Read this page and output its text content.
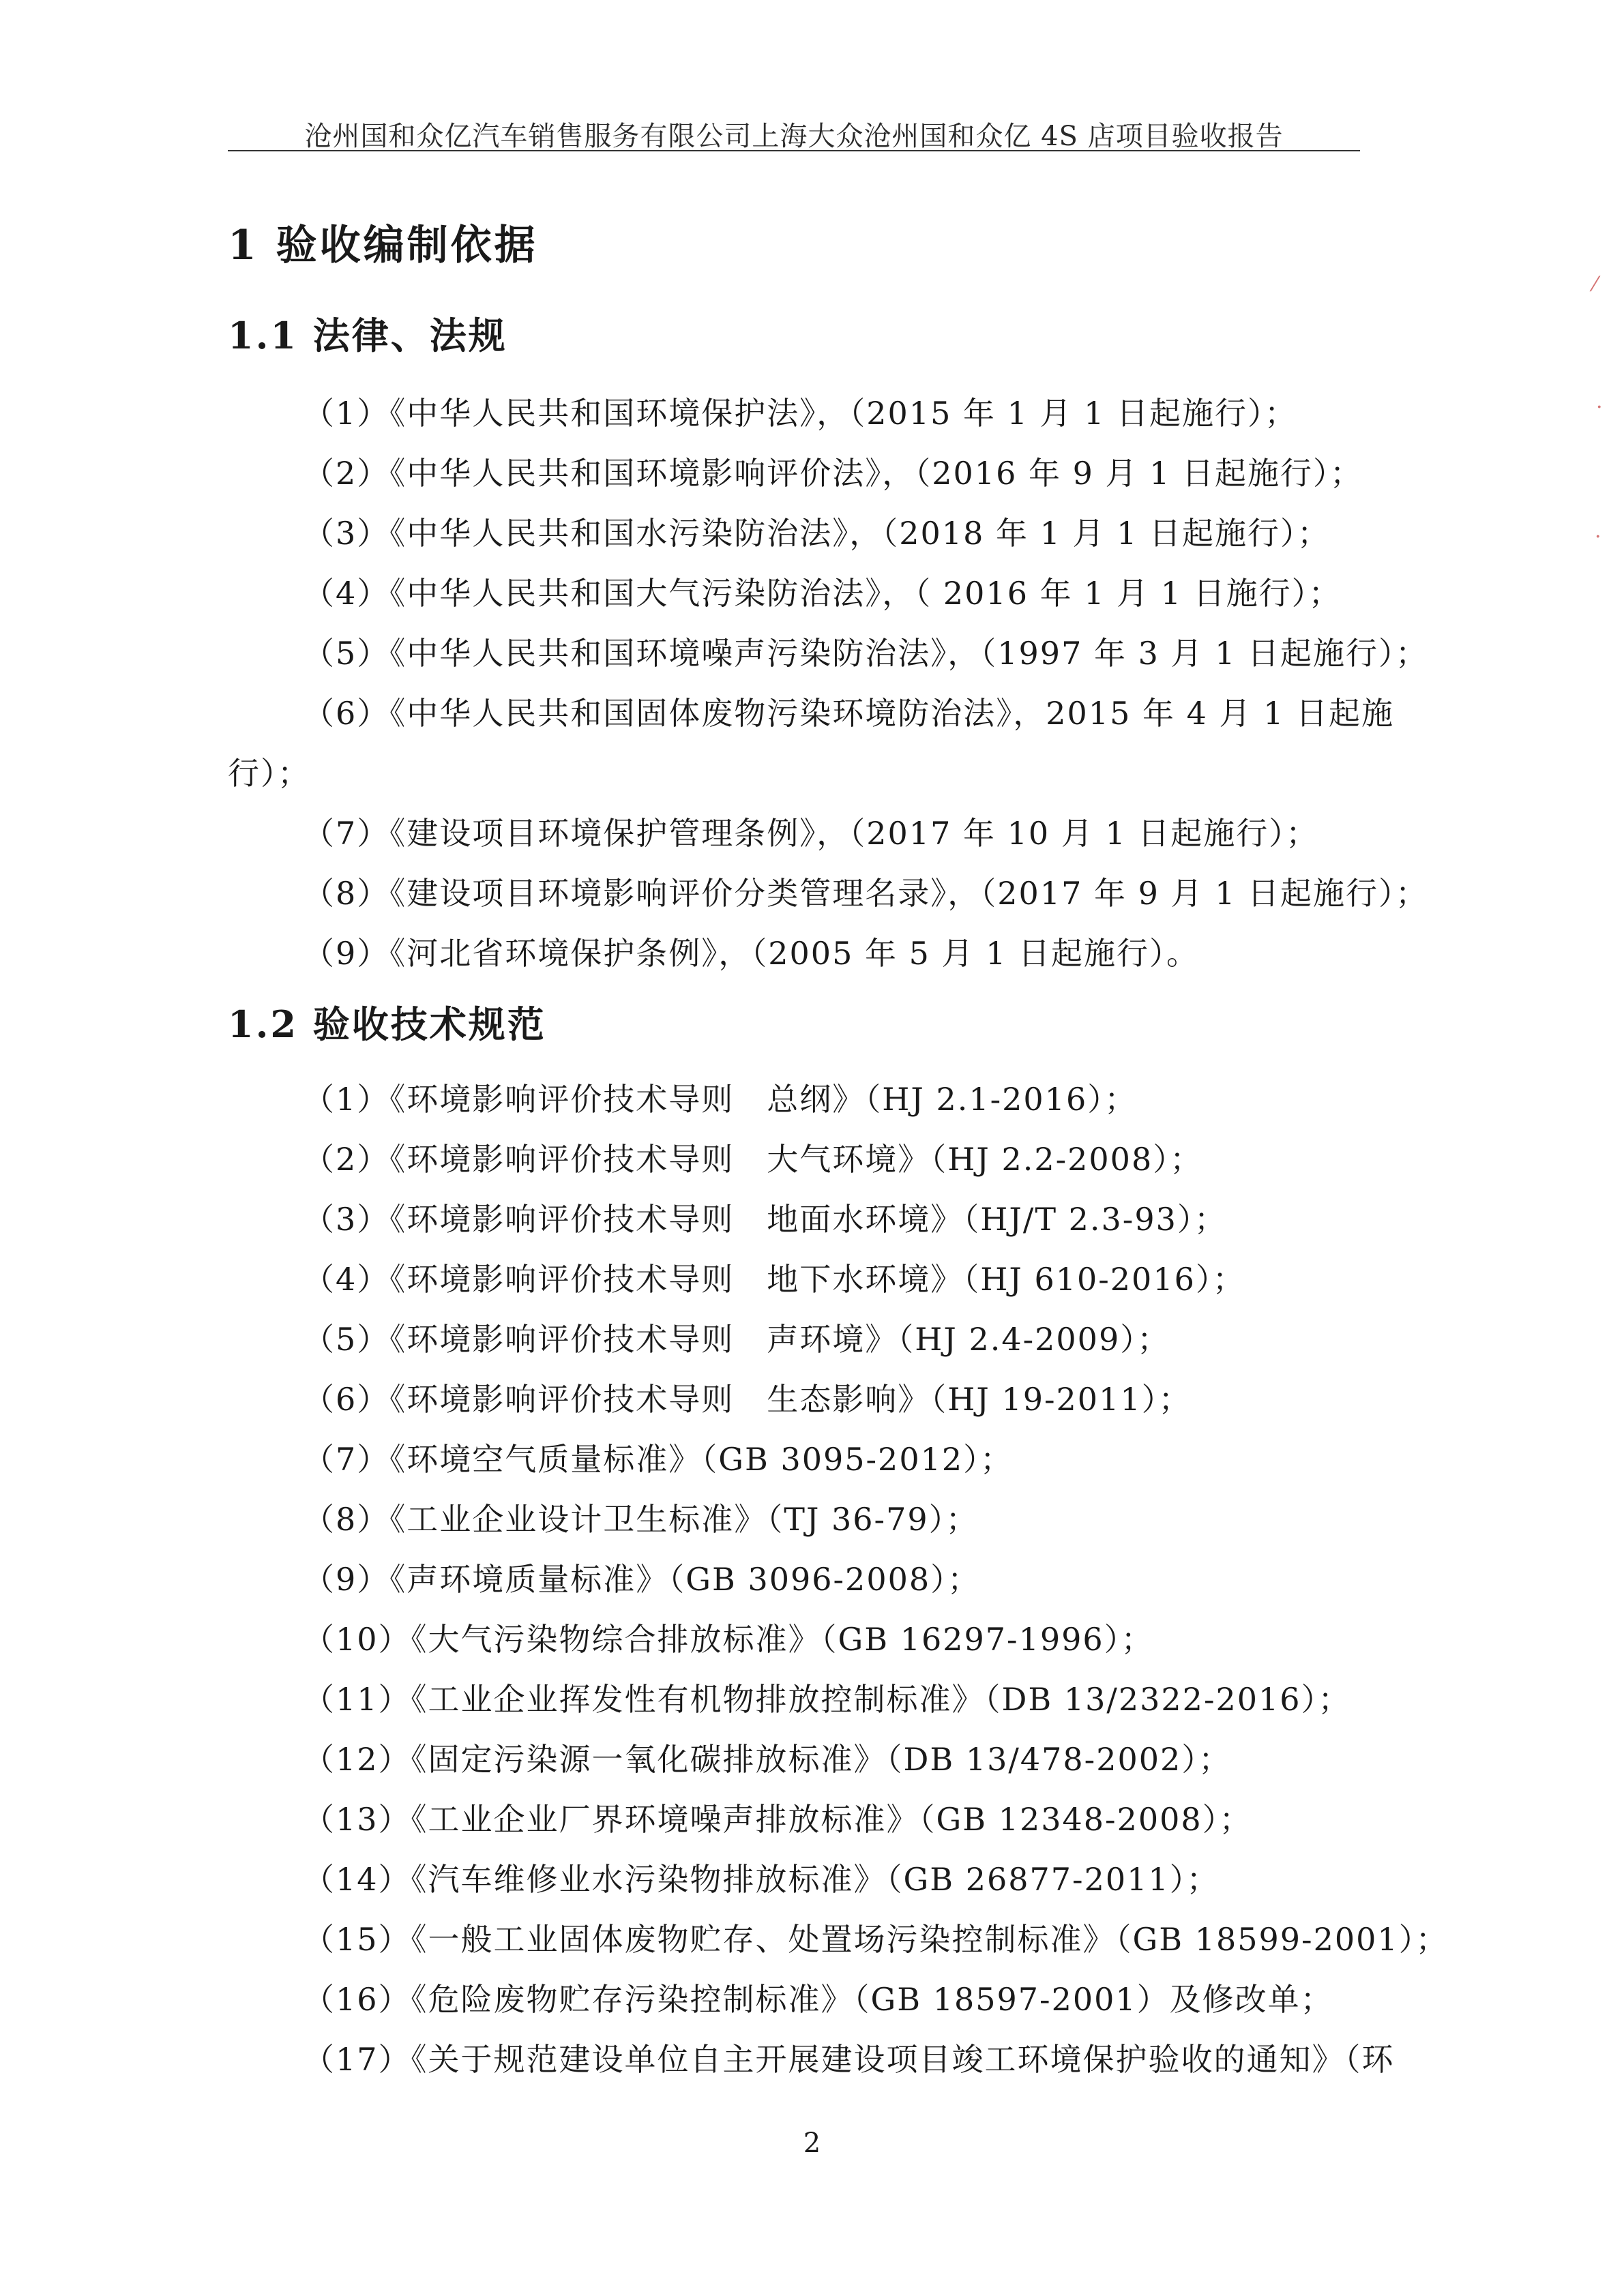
沧州国和众亿汽车销售服务有限公司上海大众沧州国和众亿 4S 店项目验收报告
1 验收编制依据
1.1 法律、法规
（1）《中华人民共和国环境保护法》，（2015 年 1 月 1 日起施行）；
（2）《中华人民共和国环境影响评价法》，（2016 年 9 月 1 日起施行）；
（3）《中华人民共和国水污染防治法》，（2018 年 1 月 1 日起施行）；
（4）《中华人民共和国大气污染防治法》，（ 2016 年 1 月 1 日施行）；
（5）《中华人民共和国环境噪声污染防治法》，（1997 年 3 月 1 日起施行）；
（6）《中华人民共和国固体废物污染环境防治法》，2015 年 4 月 1 日起施
行）；
（7）《建设项目环境保护管理条例》，（2017 年 10 月 1 日起施行）；
（8）《建设项目环境影响评价分类管理名录》，（2017 年 9 月 1 日起施行）；
（9）《河北省环境保护条例》，（2005 年 5 月 1 日起施行）。
1.2 验收技术规范
（1）《环境影响评价技术导则　总纲》（HJ 2.1-2016）；
（2）《环境影响评价技术导则　大气环境》（HJ 2.2-2008）；
（3）《环境影响评价技术导则　地面水环境》（HJ/T 2.3-93）；
（4）《环境影响评价技术导则　地下水环境》（HJ 610-2016）；
（5）《环境影响评价技术导则　声环境》（HJ 2.4-2009）；
（6）《环境影响评价技术导则　生态影响》（HJ 19-2011）；
（7）《环境空气质量标准》（GB 3095-2012）；
（8）《工业企业设计卫生标准》（TJ 36-79）；
（9）《声环境质量标准》（GB 3096-2008）；
（10）《大气污染物综合排放标准》（GB 16297-1996）；
（11）《工业企业挥发性有机物排放控制标准》（DB 13/2322-2016）；
（12）《固定污染源一氧化碳排放标准》（DB 13/478-2002）；
（13）《工业企业厂界环境噪声排放标准》（GB 12348-2008）；
（14）《汽车维修业水污染物排放标准》（GB 26877-2011）；
（15）《一般工业固体废物贮存、处置场污染控制标准》（GB 18599-2001）；
（16）《危险废物贮存污染控制标准》（GB 18597-2001）及修改单；
（17）《关于规范建设单位自主开展建设项目竣工环境保护验收的通知》（环
2
⁄
·
·
